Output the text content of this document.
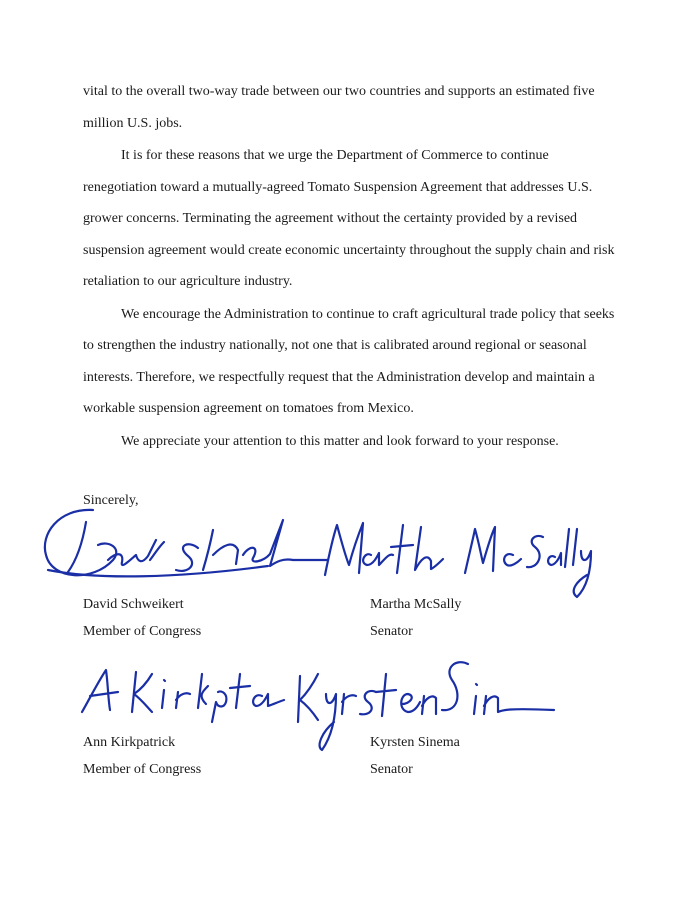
vital to the overall two-way trade between our two countries and supports an estimated five million U.S. jobs.

It is for these reasons that we urge the Department of Commerce to continue renegotiation toward a mutually-agreed Tomato Suspension Agreement that addresses U.S. grower concerns. Terminating the agreement without the certainty provided by a revised suspension agreement would create economic uncertainty throughout the supply chain and risk retaliation to our agriculture industry.

We encourage the Administration to continue to craft agricultural trade policy that seeks to strengthen the industry nationally, not one that is calibrated around regional or seasonal interests. Therefore, we respectfully request that the Administration develop and maintain a workable suspension agreement on tomatoes from Mexico.

We appreciate your attention to this matter and look forward to your response.

Sincerely,
David Schweikert
Member of Congress
Martha McSally
Senator
Ann Kirkpatrick
Member of Congress
Kyrsten Sinema
Senator
